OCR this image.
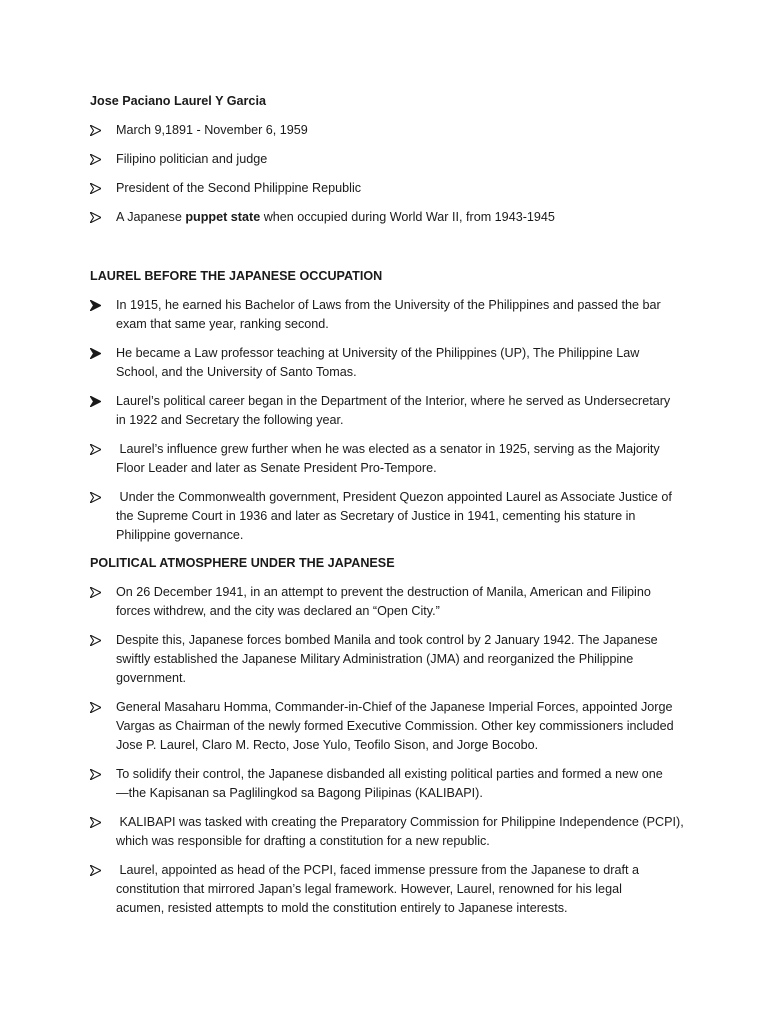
Jose Paciano Laurel Y Garcia

March 9,1891 - November 6, 1959
Filipino politician and judge
President of the Second Philippine Republic
A Japanese puppet state when occupied during World War II, from 1943-1945

LAUREL BEFORE THE JAPANESE OCCUPATION

In 1915, he earned his Bachelor of Laws from the University of the Philippines and passed the bar
exam that same year, ranking second.
He became a Law professor teaching at University of the Philippines (UP), The Philippine Law
School, and the University of Santo Tomas.
Laurel’s political career began in the Department of the Interior, where he served as Undersecretary
in 1922 and Secretary the following year.
Laurel’s influence grew further when he was elected as a senator in 1925, serving as the Majority
Floor Leader and later as Senate President Pro-Tempore.
Under the Commonwealth government, President Quezon appointed Laurel as Associate Justice of
the Supreme Court in 1936 and later as Secretary of Justice in 1941, cementing his stature in
Philippine governance.

POLITICAL ATMOSPHERE UNDER THE JAPANESE

On 26 December 1941, in an attempt to prevent the destruction of Manila, American and Filipino
forces withdrew, and the city was declared an “Open City.”
Despite this, Japanese forces bombed Manila and took control by 2 January 1942. The Japanese
swiftly established the Japanese Military Administration (JMA) and reorganized the Philippine
government.
General Masaharu Homma, Commander-in-Chief of the Japanese Imperial Forces, appointed Jorge
Vargas as Chairman of the newly formed Executive Commission. Other key commissioners included
Jose P. Laurel, Claro M. Recto, Jose Yulo, Teofilo Sison, and Jorge Bocobo.
To solidify their control, the Japanese disbanded all existing political parties and formed a new one
—the Kapisanan sa Paglilingkod sa Bagong Pilipinas (KALIBAPI).
KALIBAPI was tasked with creating the Preparatory Commission for Philippine Independence (PCPI),
which was responsible for drafting a constitution for a new republic.
Laurel, appointed as head of the PCPI, faced immense pressure from the Japanese to draft a
constitution that mirrored Japan’s legal framework. However, Laurel, renowned for his legal
acumen, resisted attempts to mold the constitution entirely to Japanese interests.
